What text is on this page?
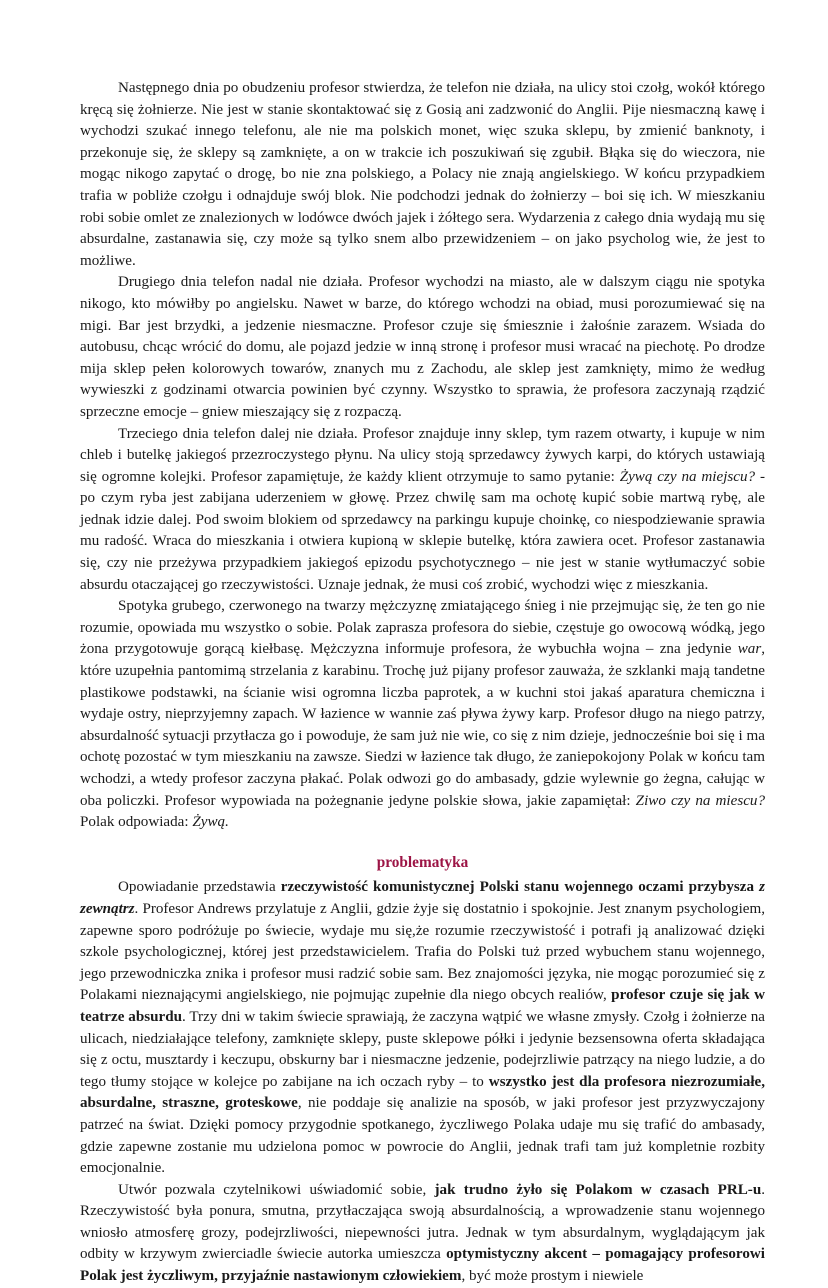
Następnego dnia po obudzeniu profesor stwierdza, że telefon nie działa, na ulicy stoi czołg, wokół którego kręcą się żołnierze. Nie jest w stanie skontaktować się z Gosią ani zadzwonić do Anglii. Pije niesmaczną kawę i wychodzi szukać innego telefonu, ale nie ma polskich monet, więc szuka sklepu, by zmienić banknoty, i przekonuje się, że sklepy są zamknięte, a on w trakcie ich poszukiwań się zgubił. Błąka się do wieczora, nie mogąc nikogo zapytać o drogę, bo nie zna polskiego, a Polacy nie znają angielskiego. W końcu przypadkiem trafia w pobliże czołgu i odnajduje swój blok. Nie podchodzi jednak do żołnierzy – boi się ich. W mieszkaniu robi sobie omlet ze znalezionych w lodówce dwóch jajek i żółtego sera. Wydarzenia z całego dnia wydają mu się absurdalne, zastanawia się, czy może są tylko snem albo przewidzeniem – on jako psycholog wie, że jest to możliwe.

Drugiego dnia telefon nadal nie działa. Profesor wychodzi na miasto, ale w dalszym ciągu nie spotyka nikogo, kto mówiłby po angielsku. Nawet w barze, do którego wchodzi na obiad, musi porozumiewać się na migi. Bar jest brzydki, a jedzenie niesmaczne. Profesor czuje się śmiesznie i żałośnie zarazem. Wsiada do autobusu, chcąc wrócić do domu, ale pojazd jedzie w inną stronę i profesor musi wracać na piechotę. Po drodze mija sklep pełen kolorowych towarów, znanych mu z Zachodu, ale sklep jest zamknięty, mimo że według wywieszki z godzinami otwarcia powinien być czynny. Wszystko to sprawia, że profesora zaczynają rządzić sprzeczne emocje – gniew mieszający się z rozpaczą.

Trzeciego dnia telefon dalej nie działa. Profesor znajduje inny sklep, tym razem otwarty, i kupuje w nim chleb i butelkę jakiegoś przezroczystego płynu. Na ulicy stoją sprzedawcy żywych karpi, do których ustawiają się ogromne kolejki. Profesor zapamiętuje, że każdy klient otrzymuje to samo pytanie: Żywą czy na miejscu? - po czym ryba jest zabijana uderzeniem w głowę. Przez chwilę sam ma ochotę kupić sobie martwą rybę, ale jednak idzie dalej. Pod swoim blokiem od sprzedawcy na parkingu kupuje choinkę, co niespodziewanie sprawia mu radość. Wraca do mieszkania i otwiera kupioną w sklepie butelkę, która zawiera ocet. Profesor zastanawia się, czy nie przeżywa przypadkiem jakiegoś epizodu psychotycznego – nie jest w stanie wytłumaczyć sobie absurdu otaczającej go rzeczywistości. Uznaje jednak, że musi coś zrobić, wychodzi więc z mieszkania.

Spotyka grubego, czerwonego na twarzy mężczyznę zmiatającego śnieg i nie przejmując się, że ten go nie rozumie, opowiada mu wszystko o sobie. Polak zaprasza profesora do siebie, częstuje go owocową wódką, jego żona przygotowuje gorącą kiełbasę. Mężczyzna informuje profesora, że wybuchła wojna – zna jedynie war, które uzupełnia pantomimą strzelania z karabinu. Trochę już pijany profesor zauważa, że szklanki mają tandetne plastikowe podstawki, na ścianie wisi ogromna liczba paprotek, a w kuchni stoi jakaś aparatura chemiczna i wydaje ostry, nieprzyjemny zapach. W łazience w wannie zaś pływa żywy karp. Profesor długo na niego patrzy, absurdalność sytuacji przytłacza go i powoduje, że sam już nie wie, co się z nim dzieje, jednocześnie boi się i ma ochotę pozostać w tym mieszkaniu na zawsze. Siedzi w łazience tak długo, że zaniepokojony Polak w końcu tam wchodzi, a wtedy profesor zaczyna płakać. Polak odwozi go do ambasady, gdzie wylewnie go żegna, całując w oba policzki. Profesor wypowiada na pożegnanie jedyne polskie słowa, jakie zapamiętał: Ziwo czy na miescu? Polak odpowiada: Żywą.

problematyka

Opowiadanie przedstawia rzeczywistość komunistycznej Polski stanu wojennego oczami przybysza z zewnątrz. Profesor Andrews przylatuje z Anglii, gdzie żyje się dostatnio i spokojnie. Jest znanym psychologiem, zapewne sporo podróżuje po świecie, wydaje mu się,że rozumie rzeczywistość i potrafi ją analizować dzięki szkole psychologicznej, której jest przedstawicielem. Trafia do Polski tuż przed wybuchem stanu wojennego, jego przewodniczka znika i profesor musi radzić sobie sam. Bez znajomości języka, nie mogąc porozumieć się z Polakami nieznającymi angielskiego, nie pojmując zupełnie dla niego obcych realiów, profesor czuje się jak w teatrze absurdu. Trzy dni w takim świecie sprawiają, że zaczyna wątpić we własne zmysły. Czołg i żołnierze na ulicach, niedziałające telefony, zamknięte sklepy, puste sklepowe półki i jedynie bezsensowna oferta składająca się z octu, musztardy i keczupu, obskurny bar i niesmaczne jedzenie, podejrzliwie patrzący na niego ludzie, a do tego tłumy stojące w kolejce po zabijane na ich oczach ryby – to wszystko jest dla profesora niezrozumiałe, absurdalne, straszne, groteskowe, nie poddaje się analizie na sposób, w jaki profesor jest przyzwyczajony patrzeć na świat. Dzięki pomocy przygodnie spotkanego, życzliwego Polaka udaje mu się trafić do ambasady, gdzie zapewne zostanie mu udzielona pomoc w powrocie do Anglii, jednak trafi tam już kompletnie rozbity emocjonalnie.

Utwór pozwala czytelnikowi uświadomić sobie, jak trudno żyło się Polakom w czasach PRL-u. Rzeczywistość była ponura, smutna, przytłaczająca swoją absurdalnością, a wprowadzenie stanu wojennego wniosło atmosferę grozy, podejrzliwości, niepewności jutra. Jednak w tym absurdalnym, wyglądającym jak odbity w krzywym zwierciadle świecie autorka umieszcza optymistyczny akcent – pomagający profesorowi Polak jest życzliwym, przyjaźnie nastawionym człowiekiem, być może prostym i niewiele
